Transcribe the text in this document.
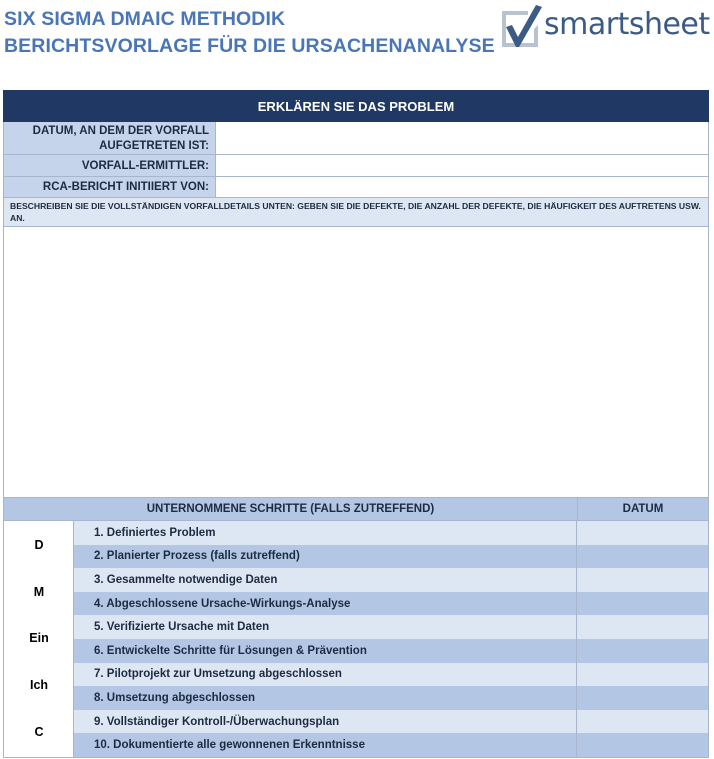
SIX SIGMA DMAIC METHODIK
BERICHTSVORLAGE FÜR DIE URSACHENANALYSE
smartsheet
ERKLÄREN SIE DAS PROBLEM
DATUM, AN DEM DER VORFALL AUFGETRETEN IST:
VORFALL-ERMITTLER:
RCA-BERICHT INITIIERT VON:
BESCHREIBEN SIE DIE VOLLSTÄNDIGEN VORFALLDETAILS UNTEN: GEBEN SIE DIE DEFEKTE, DIE ANZAHL DER DEFEKTE, DIE HÄUFIGKEIT DES AUFTRETENS USW. AN.
UNTERNOMMENE SCHRITTE (FALLS ZUTREFFEND)	DATUM
D
M
Ein
Ich
C
1. Definiertes Problem
2. Planierter Prozess (falls zutreffend)
3. Gesammelte notwendige Daten
4. Abgeschlossene Ursache-Wirkungs-Analyse
5. Verifizierte Ursache mit Daten
6. Entwickelte Schritte für Lösungen & Prävention
7. Pilotprojekt zur Umsetzung abgeschlossen
8. Umsetzung abgeschlossen
9. Vollständiger Kontroll-/Überwachungsplan
10. Dokumentierte alle gewonnenen Erkenntnisse
